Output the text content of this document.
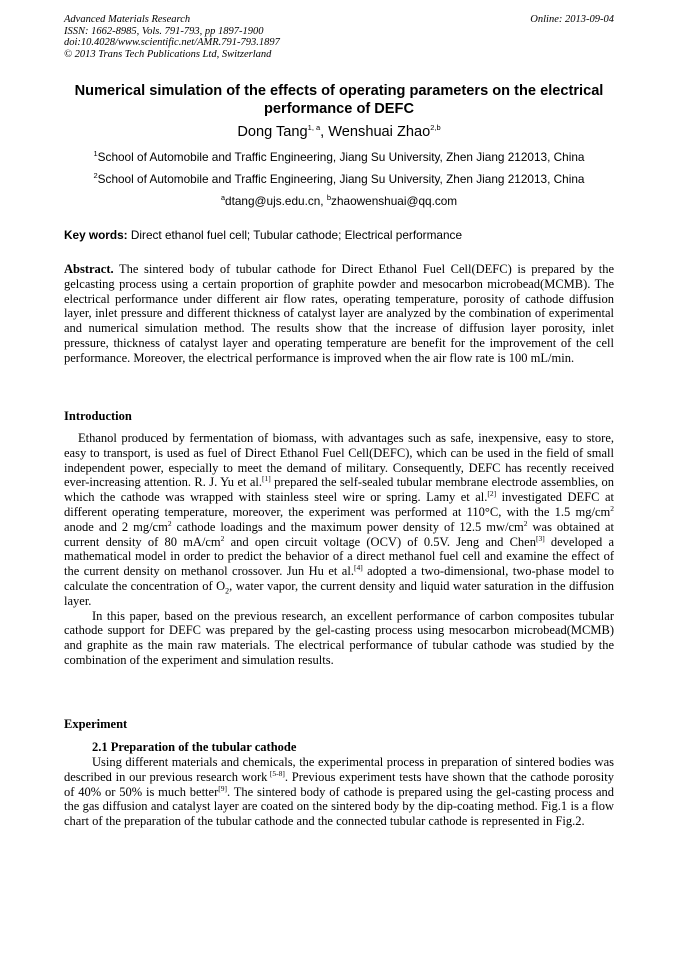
Advanced Materials Research
ISSN: 1662-8985, Vols. 791-793, pp 1897-1900
doi:10.4028/www.scientific.net/AMR.791-793.1897
© 2013 Trans Tech Publications Ltd, Switzerland
Online: 2013-09-04
Numerical simulation of the effects of operating parameters on the electrical performance of DEFC
Dong Tang$^{1, a}$, Wenshuai Zhao$^{2,b}$
$^1$School of Automobile and Traffic Engineering, Jiang Su University, Zhen Jiang 212013, China
$^2$School of Automobile and Traffic Engineering, Jiang Su University, Zhen Jiang 212013, China
$^a$dtang@ujs.edu.cn, $^b$zhaowenshuai@qq.com
Key words: Direct ethanol fuel cell; Tubular cathode; Electrical performance

Abstract. The sintered body of tubular cathode for Direct Ethanol Fuel Cell(DEFC) is prepared by the gelcasting process using a certain proportion of graphite powder and mesocarbon microbead(MCMB). The electrical performance under different air flow rates, operating temperature, porosity of cathode diffusion layer, inlet pressure and different thickness of catalyst layer are analyzed by the combination of experimental and numerical simulation method. The results show that the increase of diffusion layer porosity, inlet pressure, thickness of catalyst layer and operating temperature are benefit for the improvement of the cell performance. Moreover, the electrical performance is improved when the air flow rate is 100 mL/min.

Introduction

Ethanol produced by fermentation of biomass, with advantages such as safe, inexpensive, easy to store, easy to transport, is used as fuel of Direct Ethanol Fuel Cell(DEFC), which can be used in the field of small independent power, especially to meet the demand of military. Consequently, DEFC has recently received ever-increasing attention. R. J. Yu et al.[1] prepared the self-sealed tubular membrane electrode assemblies, on which the cathode was wrapped with stainless steel wire or spring. Lamy et al.[2] investigated DEFC at different operating temperature, moreover, the experiment was performed at 110°C, with the 1.5 $mg/cm^2$ anode and 2 $mg/cm^2$ cathode loadings and the maximum power density of 12.5 $mw/cm^2$ was obtained at current density of 80 $mA/cm^2$ and open circuit voltage (OCV) of 0.5V. Jeng and Chen[3] developed a mathematical model in order to predict the behavior of a direct methanol fuel cell and examine the effect of the current density on methanol crossover. Jun Hu et al.[4] adopted a two-dimensional, two-phase model to calculate the concentration of $O_2$, water vapor, the current density and liquid water saturation in the diffusion layer.

In this paper, based on the previous research, an excellent performance of carbon composites tubular cathode support for DEFC was prepared by the gel-casting process using mesocarbon microbead(MCMB) and graphite as the main raw materials. The electrical performance of tubular cathode was studied by the combination of the experiment and simulation results.

Experiment
2.1 Preparation of the tubular cathode

Using different materials and chemicals, the experimental process in preparation of sintered bodies was described in our previous research work [5-8]. Previous experiment tests have shown that the cathode porosity of 40% or 50% is much better[9]. The sintered body of cathode is prepared using the gel-casting process and the gas diffusion and catalyst layer are coated on the sintered body by the dip-coating method. Fig.1 is a flow chart of the preparation of the tubular cathode and the connected tubular cathode is represented in Fig.2.
